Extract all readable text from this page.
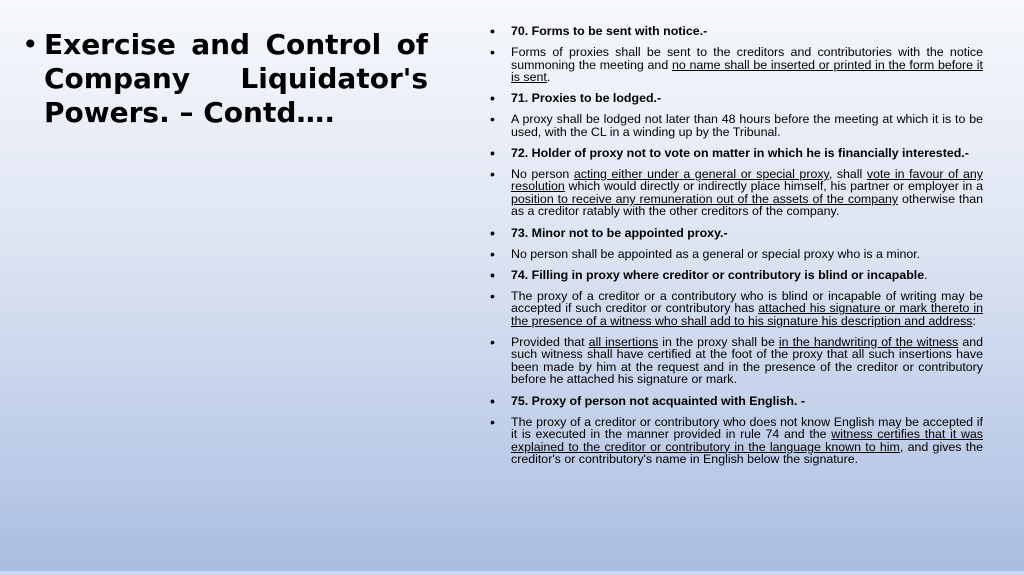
• Exercise and Control of Company Liquidator's Powers. – Contd….
• 70. Forms to be sent with notice.-
• Forms of proxies shall be sent to the creditors and contributories with the notice summoning the meeting and no name shall be inserted or printed in the form before it is sent.
• 71. Proxies to be lodged.-
• A proxy shall be lodged not later than 48 hours before the meeting at which it is to be used, with the CL in a winding up by the Tribunal.
• 72. Holder of proxy not to vote on matter in which he is financially interested.-
• No person acting either under a general or special proxy, shall vote in favour of any resolution which would directly or indirectly place himself, his partner or employer in a position to receive any remuneration out of the assets of the company otherwise than as a creditor ratably with the other creditors of the company.
• 73. Minor not to be appointed proxy.-
• No person shall be appointed as a general or special proxy who is a minor.
• 74. Filling in proxy where creditor or contributory is blind or incapable.
• The proxy of a creditor or a contributory who is blind or incapable of writing may be accepted if such creditor or contributory has attached his signature or mark thereto in the presence of a witness who shall add to his signature his description and address:
• Provided that all insertions in the proxy shall be in the handwriting of the witness and such witness shall have certified at the foot of the proxy that all such insertions have been made by him at the request and in the presence of the creditor or contributory before he attached his signature or mark.
• 75. Proxy of person not acquainted with English. -
• The proxy of a creditor or contributory who does not know English may be accepted if it is executed in the manner provided in rule 74 and the witness certifies that it was explained to the creditor or contributory in the language known to him, and gives the creditor's or contributory's name in English below the signature.
